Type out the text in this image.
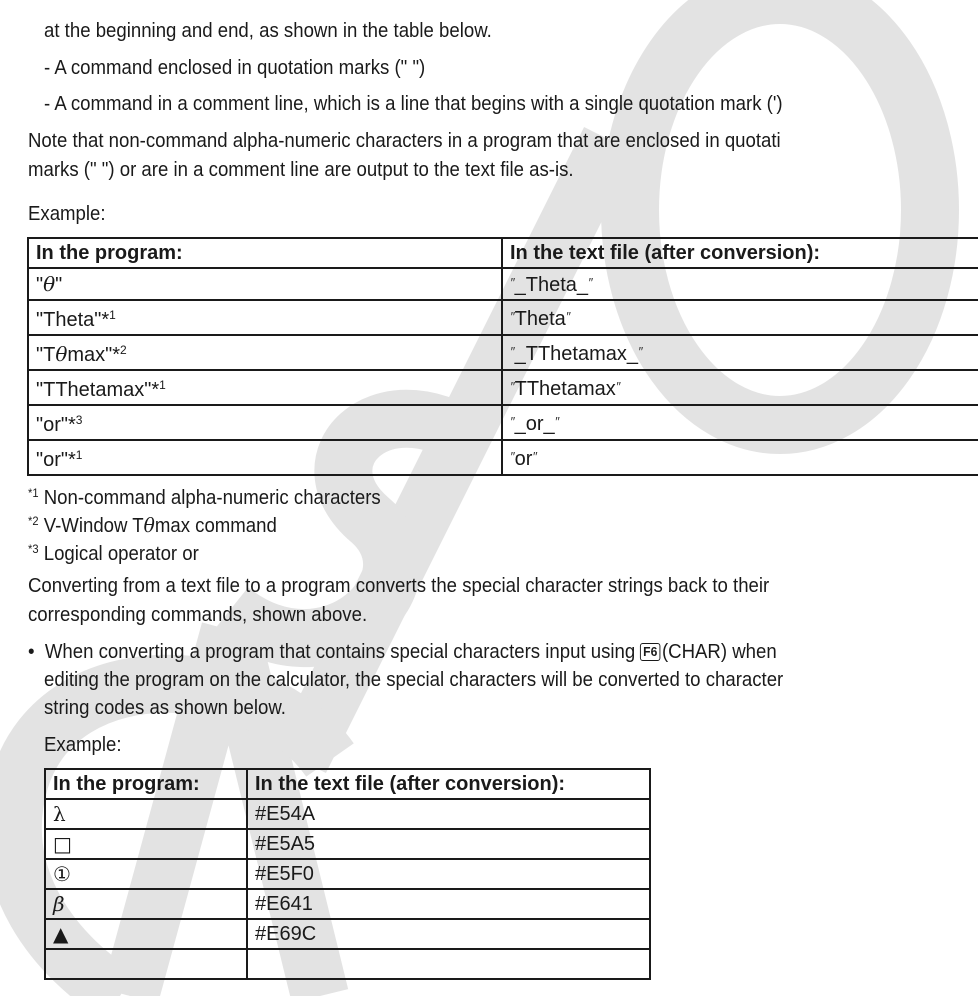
at the beginning and end, as shown in the table below.
- A command enclosed in quotation marks (" ")
- A command in a comment line, which is a line that begins with a single quotation mark (')
Note that non-command alpha-numeric characters in a program that are enclosed in quotati
marks (" ") or are in a comment line are output to the text file as-is.
Example:
In the program:	In the text file (after conversion):
"θ"	″_Theta_″
"Theta"*$^1$	″Theta″
"Tθmax"*$^2$	″_TThetamax_″
"TThetamax"*$^1$	″TThetamax″
"or"*$^3$	″_or_″
"or"*$^1$	″or″
$^{*1}$ Non-command alpha-numeric characters
$^{*2}$ V-Window Tθmax command
$^{*3}$ Logical operator or
Converting from a text file to a program converts the special character strings back to their
corresponding commands, shown above.
• When converting a program that contains special characters input using F6 (CHAR) when
editing the program on the calculator, the special characters will be converted to character
string codes as shown below.
Example:
In the program:	In the text file (after conversion):
λ	#E54A
□	#E5A5
①	#E5F0
β	#E641
▲	#E69C
